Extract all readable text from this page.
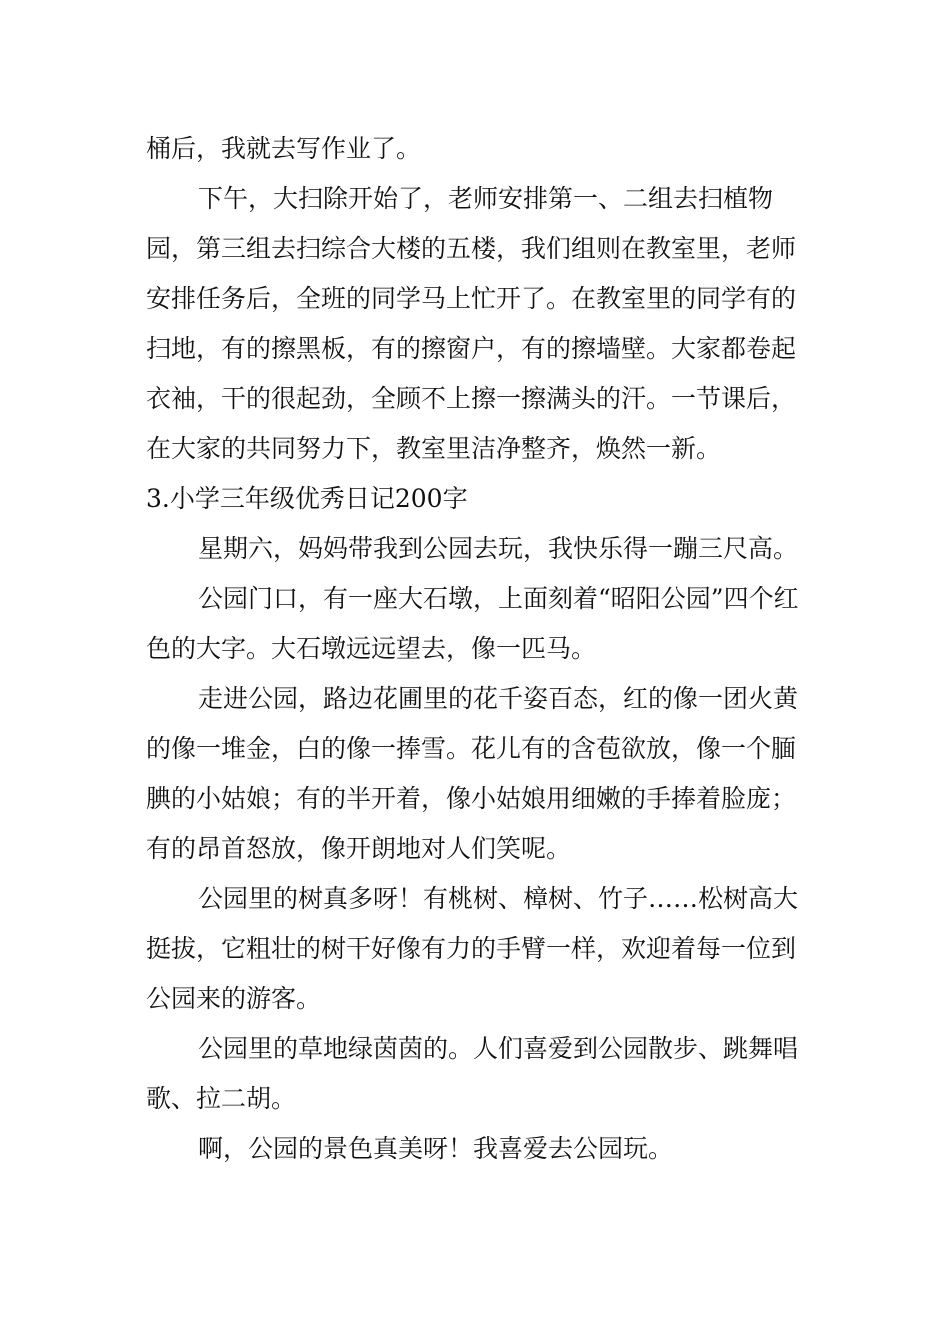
桶后，我就去写作业了。

下午，大扫除开始了，老师安排第一、二组去扫植物园，第三组去扫综合大楼的五楼，我们组则在教室里，老师安排任务后，全班的同学马上忙开了。在教室里的同学有的扫地，有的擦黑板，有的擦窗户，有的擦墙壁。大家都卷起衣袖，干的很起劲，全顾不上擦一擦满头的汗。一节课后，在大家的共同努力下，教室里洁净整齐，焕然一新。

3.小学三年级优秀日记200字

星期六，妈妈带我到公园去玩，我快乐得一蹦三尺高。

公园门口，有一座大石墩，上面刻着“昭阳公园”四个红色的大字。大石墩远远望去，像一匹马。

走进公园，路边花圃里的花千姿百态，红的像一团火黄的像一堆金，白的像一捧雪。花儿有的含苞欲放，像一个腼腆的小姑娘；有的半开着，像小姑娘用细嫩的手捧着脸庞；有的昂首怒放，像开朗地对人们笑呢。

公园里的树真多呀！有桃树、樟树、竹子……松树高大挺拔，它粗壮的树干好像有力的手臂一样，欢迎着每一位到公园来的游客。

公园里的草地绿茵茵的。人们喜爱到公园散步、跳舞唱歌、拉二胡。

啊，公园的景色真美呀！我喜爱去公园玩。
